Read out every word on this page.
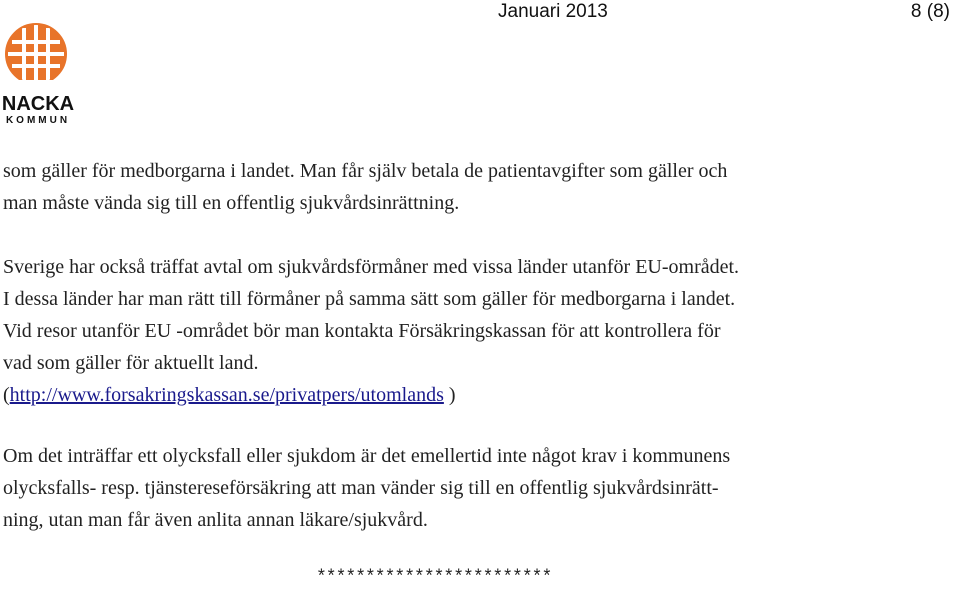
Januari 2013	8 (8)
NACKA
KOMMUN
som gäller för medborgarna i landet. Man får själv betala de patientavgifter som gäller och
man måste vända sig till en offentlig sjukvårdsinrättning.
Sverige har också träffat avtal om sjukvårdsförmåner med vissa länder utanför EU-området.
I dessa länder har man rätt till förmåner på samma sätt som gäller för medborgarna i landet.
Vid resor utanför EU -området bör man kontakta Försäkringskassan för att kontrollera för
vad som gäller för aktuellt land.
(http://www.forsakringskassan.se/privatpers/utomlands )
Om det inträffar ett olycksfall eller sjukdom är det emellertid inte något krav i kommunens
olycksfalls- resp. tjänstereseförsäkring att man vänder sig till en offentlig sjukvårdsinrätt-
ning, utan man får även anlita annan läkare/sjukvård.
************************
